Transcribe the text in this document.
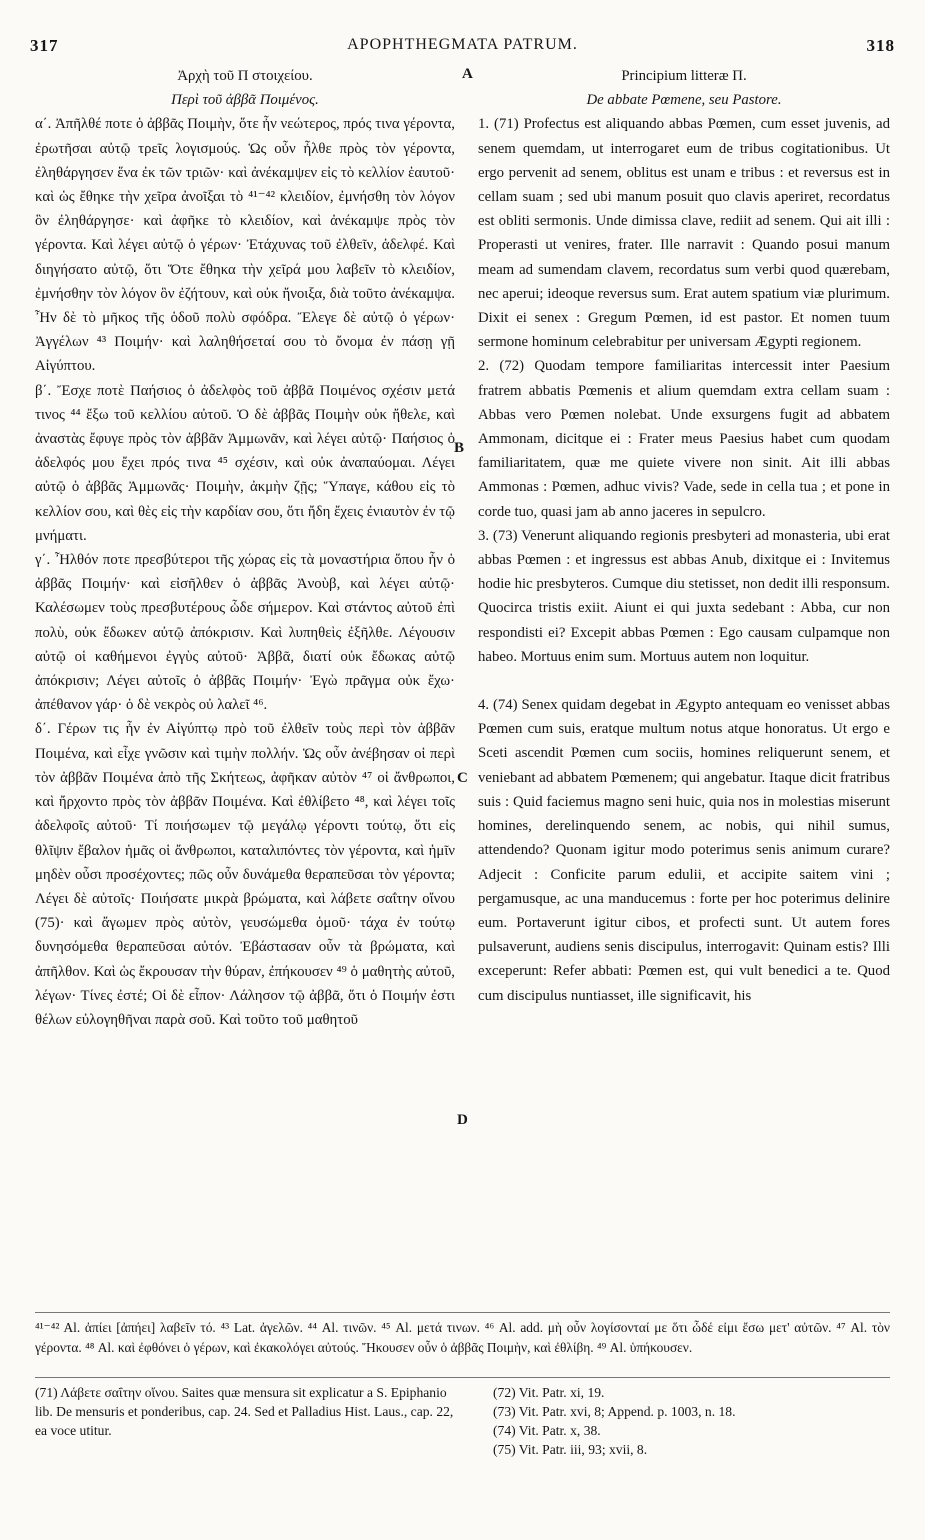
317	APOPHTHEGMATA PATRUM.	318
A
B
C
D

Ἀρχὴ τοῦ Π στοιχείου.

Περὶ τοῦ ἀββᾶ Ποιμένος.

α΄. Ἀπῆλθέ ποτε ὁ ἀββᾶς Ποιμὴν, ὅτε ἦν νεώτερος, πρός τινα γέροντα, ἐρωτῆσαι αὐτῷ τρεῖς λογισμούς. Ὡς οὖν ἦλθε πρὸς τὸν γέροντα, ἐληθάργησεν ἕνα ἐκ τῶν τριῶν· καὶ ἀνέκαμψεν εἰς τὸ κελλίον ἑαυτοῦ· καὶ ὡς ἔθηκε τὴν χεῖρα ἀνοῖξαι τὸ ⁴¹⁻⁴² κλειδίον, ἐμνήσθη τὸν λόγον ὃν ἐληθάργησε· καὶ ἀφῆκε τὸ κλειδίον, καὶ ἀνέκαμψε πρὸς τὸν γέροντα. Καὶ λέγει αὐτῷ ὁ γέρων· Ἐτάχυνας τοῦ ἐλθεῖν, ἀδελφέ. Καὶ διηγήσατο αὐτῷ, ὅτι Ὅτε ἔθηκα τὴν χεῖρά μου λαβεῖν τὸ κλειδίον, ἐμνήσθην τὸν λόγον ὃν ἐζήτουν, καὶ οὐκ ἤνοιξα, διὰ τοῦτο ἀνέκαμψα. Ἦν δὲ τὸ μῆκος τῆς ὁδοῦ πολὺ σφόδρα. Ἔλεγε δὲ αὐτῷ ὁ γέρων· Ἀγγέλων ⁴³ Ποιμήν· καὶ λαληθήσεταί σου τὸ ὄνομα ἐν πάσῃ γῇ Αἰγύπτου.

β΄. Ἔσχε ποτὲ Παήσιος ὁ ἀδελφὸς τοῦ ἀββᾶ Ποιμένος σχέσιν μετά τινος ⁴⁴ ἔξω τοῦ κελλίου αὐτοῦ. Ὁ δὲ ἀββᾶς Ποιμὴν οὐκ ἤθελε, καὶ ἀναστὰς ἔφυγε πρὸς τὸν ἀββᾶν Ἀμμωνᾶν, καὶ λέγει αὐτῷ· Παήσιος ὁ ἀδελφός μου ἔχει πρός τινα ⁴⁵ σχέσιν, καὶ οὐκ ἀναπαύομαι. Λέγει αὐτῷ ὁ ἀββᾶς Ἀμμωνᾶς· Ποιμὴν, ἀκμὴν ζῇς; Ὕπαγε, κάθου εἰς τὸ κελλίον σου, καὶ θὲς εἰς τὴν καρδίαν σου, ὅτι ἤδη ἔχεις ἐνιαυτὸν ἐν τῷ μνήματι.

γ΄. Ἦλθόν ποτε πρεσβύτεροι τῆς χώρας εἰς τὰ μοναστήρια ὅπου ἦν ὁ ἀββᾶς Ποιμήν· καὶ εἰσῆλθεν ὁ ἀββᾶς Ἀνοὺβ, καὶ λέγει αὐτῷ· Καλέσωμεν τοὺς πρεσβυτέρους ὧδε σήμερον. Καὶ στάντος αὐτοῦ ἐπὶ πολὺ, οὐκ ἔδωκεν αὐτῷ ἀπόκρισιν. Καὶ λυπηθεὶς ἐξῆλθε. Λέγουσιν αὐτῷ οἱ καθήμενοι ἐγγὺς αὐτοῦ· Ἀββᾶ, διατί οὐκ ἔδωκας αὐτῷ ἀπόκρισιν; Λέγει αὐτοῖς ὁ ἀββᾶς Ποιμήν· Ἐγὼ πρᾶγμα οὐκ ἔχω· ἀπέθανον γάρ· ὁ δὲ νεκρὸς οὐ λαλεῖ ⁴⁶.

δ΄. Γέρων τις ἦν ἐν Αἰγύπτῳ πρὸ τοῦ ἐλθεῖν τοὺς περὶ τὸν ἀββᾶν Ποιμένα, καὶ εἶχε γνῶσιν καὶ τιμὴν πολλήν. Ὡς οὖν ἀνέβησαν οἱ περὶ τὸν ἀββᾶν Ποιμένα ἀπὸ τῆς Σκήτεως, ἀφῆκαν αὐτὸν ⁴⁷ οἱ ἄνθρωποι, καὶ ἤρχοντο πρὸς τὸν ἀββᾶν Ποιμένα. Καὶ ἐθλίβετο ⁴⁸, καὶ λέγει τοῖς ἀδελφοῖς αὐτοῦ· Τί ποιήσωμεν τῷ μεγάλῳ γέροντι τούτῳ, ὅτι εἰς θλῖψιν ἔβαλον ἡμᾶς οἱ ἄνθρωποι, καταλιπόντες τὸν γέροντα, καὶ ἡμῖν μηδὲν οὖσι προσέχοντες; πῶς οὖν δυνάμεθα θεραπεῦσαι τὸν γέροντα; Λέγει δὲ αὐτοῖς· Ποιήσατε μικρὰ βρώματα, καὶ λάβετε σαΐτην οἴνου (75)· καὶ ἄγωμεν πρὸς αὐτὸν, γευσώμεθα ὁμοῦ· τάχα ἐν τούτῳ δυνησόμεθα θεραπεῦσαι αὐτόν. Ἐβάστασαν οὖν τὰ βρώματα, καὶ ἀπῆλθον. Καὶ ὡς ἔκρουσαν τὴν θύραν, ἐπήκουσεν ⁴⁹ ὁ μαθητὴς αὐτοῦ, λέγων· Τίνες ἐστέ; Οἱ δὲ εἶπον· Λάλησον τῷ ἀββᾶ, ὅτι ὁ Ποιμήν ἐστι θέλων εὐλογηθῆναι παρὰ σοῦ. Καὶ τοῦτο τοῦ μαθητοῦ

Principium litteræ Π.

De abbate Pœmene, seu Pastore.

1. (71) Profectus est aliquando abbas Pœmen, cum esset juvenis, ad senem quemdam, ut interrogaret eum de tribus cogitationibus. Ut ergo pervenit ad senem, oblitus est unam e tribus : et reversus est in cellam suam ; sed ubi manum posuit quo clavis aperiret, recordatus est obliti sermonis. Unde dimissa clave, rediit ad senem. Qui ait illi : Properasti ut venires, frater. Ille narravit : Quando posui manum meam ad sumendam clavem, recordatus sum verbi quod quærebam, nec aperui; ideoque reversus sum. Erat autem spatium viæ plurimum. Dixit ei senex : Gregum Pœmen, id est pastor. Et nomen tuum sermone hominum celebrabitur per universam Ægypti regionem.

2. (72) Quodam tempore familiaritas intercessit inter Paesium fratrem abbatis Pœmenis et alium quemdam extra cellam suam : Abbas vero Pœmen nolebat. Unde exsurgens fugit ad abbatem Ammonam, dicitque ei : Frater meus Paesius habet cum quodam familiaritatem, quæ me quiete vivere non sinit. Ait illi abbas Ammonas : Pœmen, adhuc vivis? Vade, sede in cella tua ; et pone in corde tuo, quasi jam ab anno jaceres in sepulcro.

3. (73) Venerunt aliquando regionis presbyteri ad monasteria, ubi erat abbas Pœmen : et ingressus est abbas Anub, dixitque ei : Invitemus hodie hic presbyteros. Cumque diu stetisset, non dedit illi responsum. Quocirca tristis exiit. Aiunt ei qui juxta sedebant : Abba, cur non respondisti ei? Excepit abbas Pœmen : Ego causam culpamque non habeo. Mortuus enim sum. Mortuus autem non loquitur.

4. (74) Senex quidam degebat in Ægypto antequam eo venisset abbas Pœmen cum suis, eratque multum notus atque honoratus. Ut ergo e Sceti ascendit Pœmen cum sociis, homines reliquerunt senem, et veniebant ad abbatem Pœmenem; qui angebatur. Itaque dicit fratribus suis : Quid faciemus magno seni huic, quia nos in molestias miserunt homines, derelinquendo senem, ac nobis, qui nihil sumus, attendendo? Quonam igitur modo poterimus senis animum curare? Adjecit : Conficite parum edulii, et accipite saitem vini ; pergamusque, ac una manducemus : forte per hoc poterimus delinire eum. Portaverunt igitur cibos, et profecti sunt. Ut autem fores pulsaverunt, audiens senis discipulus, interrogavit: Quinam estis? Illi exceperunt: Refer abbati: Pœmen est, qui vult benedici a te. Quod cum discipulus nuntiasset, ille significavit, his

⁴¹⁻⁴² Al. ἀπίει [ἀπήει] λαβεῖν τό. ⁴³ Lat. ἀγελῶν. ⁴⁴ Al. τινῶν. ⁴⁵ Al. μετά τινων. ⁴⁶ Al. add. μὴ οὖν λογίσονταί με ὅτι ὧδέ εἰμι ἔσω μετ' αὐτῶν. ⁴⁷ Al. τὸν γέροντα. ⁴⁸ Al. καὶ ἐφθόνει ὁ γέρων, καὶ ἐκακολόγει αὐτούς. Ἤκουσεν οὖν ὁ ἀββᾶς Ποιμὴν, καὶ ἐθλίβη. ⁴⁹ Al. ὑπήκουσεν.
(71) Λάβετε σαΐτην οἴνου. Saites quæ mensura sit explicatur a S. Epiphanio lib. De mensuris et ponderibus, cap. 24. Sed et Palladius Hist. Laus., cap. 22, ea voce utitur.
(72) Vit. Patr. xi, 19.
(73) Vit. Patr. xvi, 8; Append. p. 1003, n. 18.
(74) Vit. Patr. x, 38.
(75) Vit. Patr. iii, 93; xvii, 8.
